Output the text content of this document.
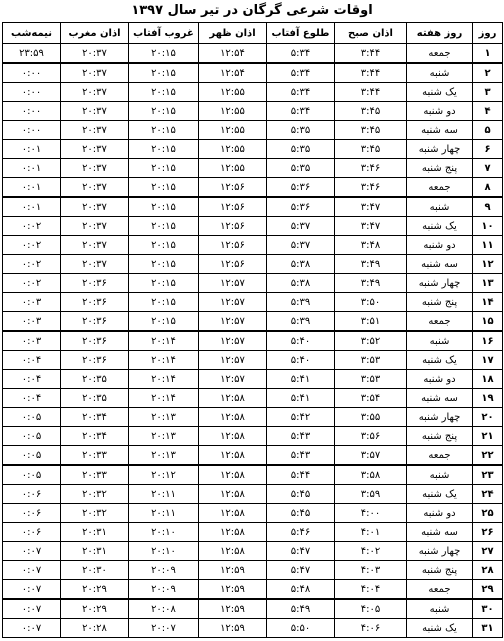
اوقات شرعی گرگان در تیر سال ۱۳۹۷
روز	روز هفته	اذان صبح	طلوع آفتاب	اذان ظهر	غروب آفتاب	اذان مغرب	نیمه‌شب
۱	جمعه	۳:۴۴	۵:۳۴	۱۲:۵۴	۲۰:۱۵	۲۰:۳۷	۲۳:۵۹
۲	شنبه	۳:۴۴	۵:۳۴	۱۲:۵۴	۲۰:۱۵	۲۰:۳۷	۰:۰۰
۳	یک شنبه	۳:۴۴	۵:۳۴	۱۲:۵۵	۲۰:۱۵	۲۰:۳۷	۰:۰۰
۴	دو شنبه	۳:۴۵	۵:۳۴	۱۲:۵۵	۲۰:۱۵	۲۰:۳۷	۰:۰۰
۵	سه شنبه	۳:۴۵	۵:۳۵	۱۲:۵۵	۲۰:۱۵	۲۰:۳۷	۰:۰۰
۶	چهار شنبه	۳:۴۵	۵:۳۵	۱۲:۵۵	۲۰:۱۵	۲۰:۳۷	۰:۰۱
۷	پنج شنبه	۳:۴۶	۵:۳۵	۱۲:۵۵	۲۰:۱۵	۲۰:۳۷	۰:۰۱
۸	جمعه	۳:۴۶	۵:۳۶	۱۲:۵۶	۲۰:۱۵	۲۰:۳۷	۰:۰۱
۹	شنبه	۳:۴۷	۵:۳۶	۱۲:۵۶	۲۰:۱۵	۲۰:۳۷	۰:۰۱
۱۰	یک شنبه	۳:۴۷	۵:۳۷	۱۲:۵۶	۲۰:۱۵	۲۰:۳۷	۰:۰۲
۱۱	دو شنبه	۳:۴۸	۵:۳۷	۱۲:۵۶	۲۰:۱۵	۲۰:۳۷	۰:۰۲
۱۲	سه شنبه	۳:۴۹	۵:۳۸	۱۲:۵۶	۲۰:۱۵	۲۰:۳۷	۰:۰۲
۱۳	چهار شنبه	۳:۴۹	۵:۳۸	۱۲:۵۷	۲۰:۱۵	۲۰:۳۶	۰:۰۲
۱۴	پنج شنبه	۳:۵۰	۵:۳۹	۱۲:۵۷	۲۰:۱۵	۲۰:۳۶	۰:۰۳
۱۵	جمعه	۳:۵۱	۵:۳۹	۱۲:۵۷	۲۰:۱۵	۲۰:۳۶	۰:۰۳
۱۶	شنبه	۳:۵۲	۵:۴۰	۱۲:۵۷	۲۰:۱۴	۲۰:۳۶	۰:۰۳
۱۷	یک شنبه	۳:۵۳	۵:۴۰	۱۲:۵۷	۲۰:۱۴	۲۰:۳۶	۰:۰۴
۱۸	دو شنبه	۳:۵۳	۵:۴۱	۱۲:۵۷	۲۰:۱۴	۲۰:۳۵	۰:۰۴
۱۹	سه شنبه	۳:۵۴	۵:۴۱	۱۲:۵۸	۲۰:۱۴	۲۰:۳۵	۰:۰۴
۲۰	چهار شنبه	۳:۵۵	۵:۴۲	۱۲:۵۸	۲۰:۱۳	۲۰:۳۴	۰:۰۵
۲۱	پنج شنبه	۳:۵۶	۵:۴۳	۱۲:۵۸	۲۰:۱۳	۲۰:۳۴	۰:۰۵
۲۲	جمعه	۳:۵۷	۵:۴۳	۱۲:۵۸	۲۰:۱۳	۲۰:۳۳	۰:۰۵
۲۳	شنبه	۳:۵۸	۵:۴۴	۱۲:۵۸	۲۰:۱۲	۲۰:۳۳	۰:۰۵
۲۴	یک شنبه	۳:۵۹	۵:۴۵	۱۲:۵۸	۲۰:۱۱	۲۰:۳۲	۰:۰۶
۲۵	دو شنبه	۴:۰۰	۵:۴۵	۱۲:۵۸	۲۰:۱۱	۲۰:۳۲	۰:۰۶
۲۶	سه شنبه	۴:۰۱	۵:۴۶	۱۲:۵۸	۲۰:۱۰	۲۰:۳۱	۰:۰۶
۲۷	چهار شنبه	۴:۰۲	۵:۴۷	۱۲:۵۸	۲۰:۱۰	۲۰:۳۱	۰:۰۷
۲۸	پنج شنبه	۴:۰۳	۵:۴۷	۱۲:۵۹	۲۰:۰۹	۲۰:۳۰	۰:۰۷
۲۹	جمعه	۴:۰۴	۵:۴۸	۱۲:۵۹	۲۰:۰۹	۲۰:۲۹	۰:۰۷
۳۰	شنبه	۴:۰۵	۵:۴۹	۱۲:۵۹	۲۰:۰۸	۲۰:۲۹	۰:۰۷
۳۱	یک شنبه	۴:۰۶	۵:۵۰	۱۲:۵۹	۲۰:۰۷	۲۰:۲۸	۰:۰۷
